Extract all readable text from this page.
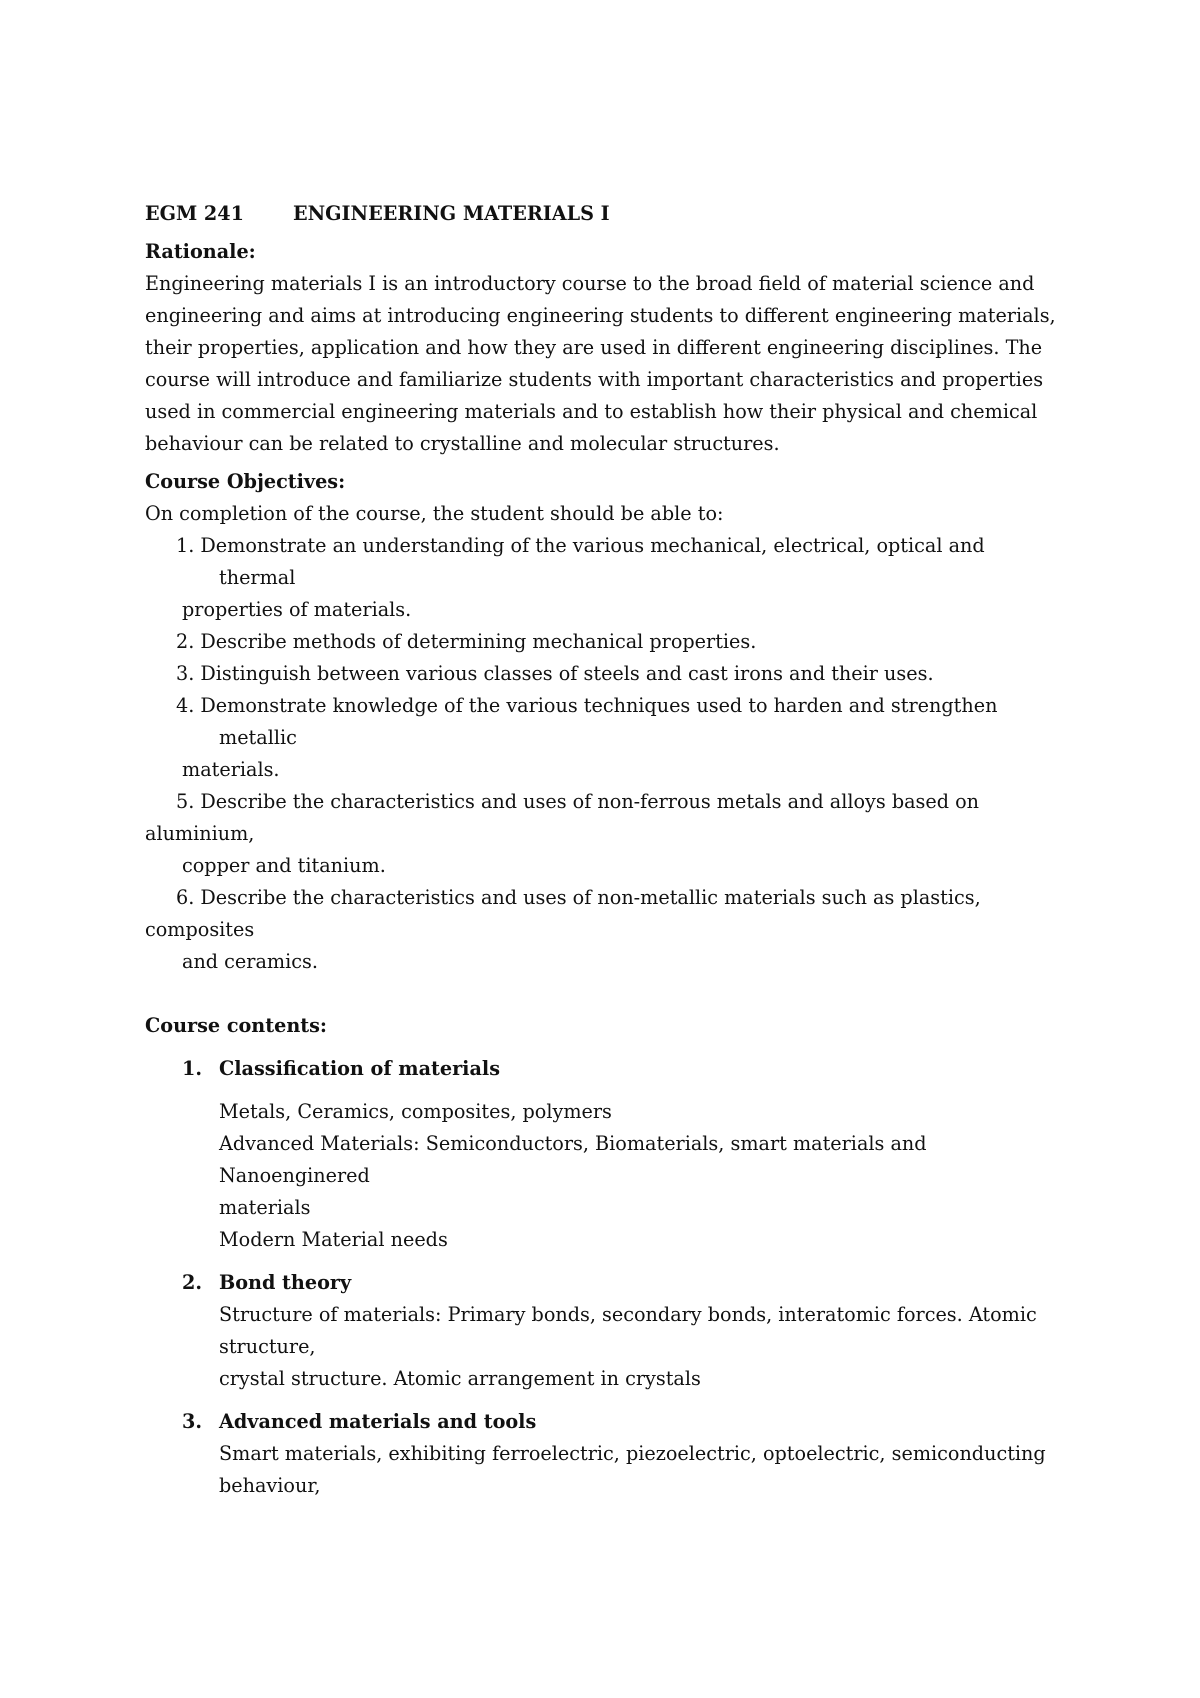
EGM 241	ENGINEERING MATERIALS I
Rationale:
Engineering materials I is an introductory course to the broad field of material science and
engineering and aims at introducing engineering students to different engineering materials,
their properties, application and how they are used in different engineering disciplines. The
course will introduce and familiarize students with important characteristics and properties
used in commercial engineering materials and to establish how their physical and chemical
behaviour can be related to crystalline and molecular structures.
Course Objectives:
On completion of the course, the student should be able to:
1. Demonstrate an understanding of the various mechanical, electrical, optical and
thermal
properties of materials.
2. Describe methods of determining mechanical properties.
3. Distinguish between various classes of steels and cast irons and their uses.
4. Demonstrate knowledge of the various techniques used to harden and strengthen
metallic
materials.
5. Describe the characteristics and uses of non-ferrous metals and alloys based on
aluminium,
copper and titanium.
6. Describe the characteristics and uses of non-metallic materials such as plastics,
composites
and ceramics.
Course contents:
1. Classification of materials
Metals, Ceramics, composites, polymers
Advanced Materials: Semiconductors, Biomaterials, smart materials and
Nanoenginered
materials
Modern Material needs
2. Bond theory
Structure of materials: Primary bonds, secondary bonds, interatomic forces. Atomic
structure,
crystal structure. Atomic arrangement in crystals
3. Advanced materials and tools
Smart materials, exhibiting ferroelectric, piezoelectric, optoelectric, semiconducting
behaviour,
